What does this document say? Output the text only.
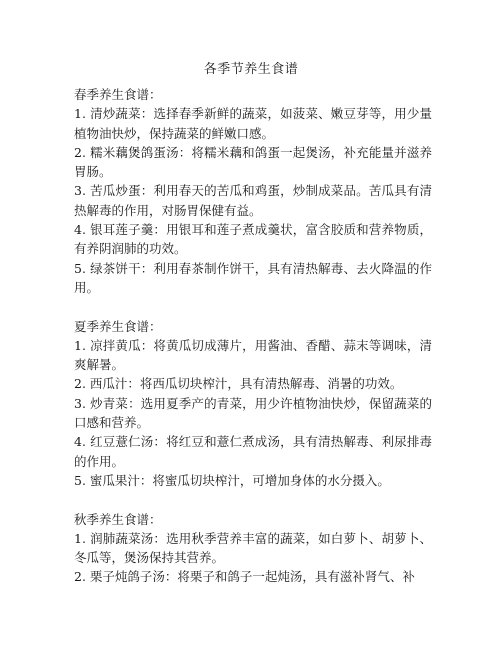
各季节养生食谱

春季养生食谱：

1. 清炒蔬菜：选择春季新鲜的蔬菜，如菠菜、嫩豆芽等，用少量植物油快炒，保持蔬菜的鲜嫩口感。

2. 糯米藕煲鸽蛋汤：将糯米藕和鸽蛋一起煲汤，补充能量并滋养胃肠。

3. 苦瓜炒蛋：利用春天的苦瓜和鸡蛋，炒制成菜品。苦瓜具有清热解毒的作用，对肠胃保健有益。

4. 银耳莲子羹：用银耳和莲子煮成羹状，富含胶质和营养物质，有养阴润肺的功效。

5. 绿茶饼干：利用春茶制作饼干，具有清热解毒、去火降温的作用。

夏季养生食谱：

1. 凉拌黄瓜：将黄瓜切成薄片，用酱油、香醋、蒜末等调味，清爽解暑。

2. 西瓜汁：将西瓜切块榨汁，具有清热解毒、消暑的功效。

3. 炒青菜：选用夏季产的青菜，用少许植物油快炒，保留蔬菜的口感和营养。

4. 红豆薏仁汤：将红豆和薏仁煮成汤，具有清热解毒、利尿排毒的作用。

5. 蜜瓜果汁：将蜜瓜切块榨汁，可增加身体的水分摄入。

秋季养生食谱：

1. 润肺蔬菜汤：选用秋季营养丰富的蔬菜，如白萝卜、胡萝卜、冬瓜等，煲汤保持其营养。

2. 栗子炖鸽子汤：将栗子和鸽子一起炖汤，具有滋补肾气、补
